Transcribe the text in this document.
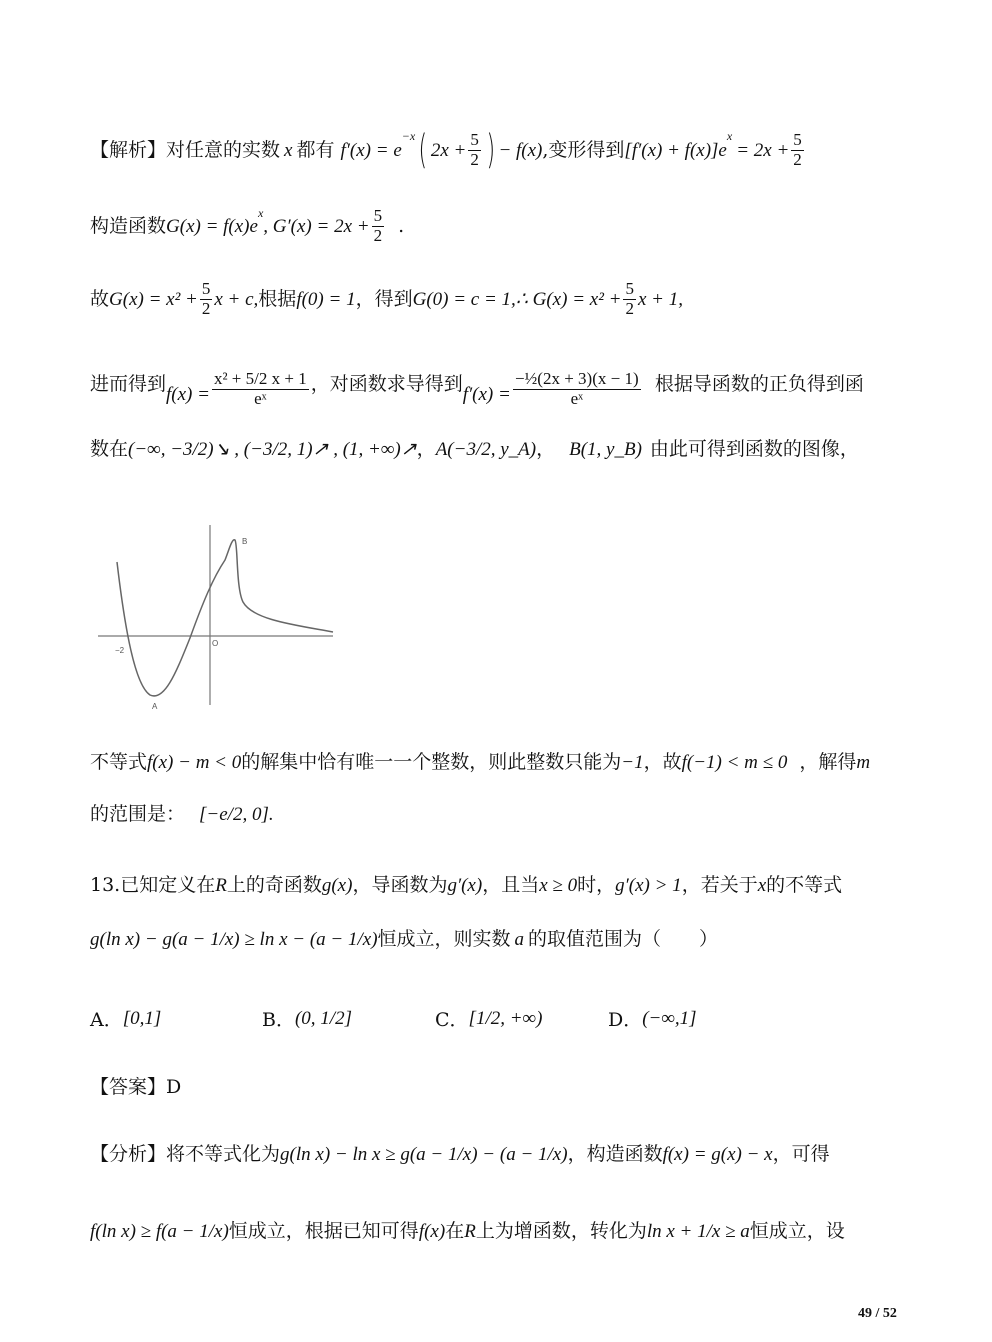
【解析】 对任意的实数 x 都有 f′(x) = e
$^{-x}$ ( $2x + \frac{5}{2}$ ) − f(x) ,变形得到 [f′(x) + f(x)]e
$^x$
= $2x + \frac{5}{2}$
构造函数 G(x) = f(x)e
$^x$
, $G'(x) = 2x + \frac{5}{2}$ .
故 $G(x) = x^2 + \frac{5}{2}$ x + c, 根据 f(0) = 1 ，得到 G(0) = c = 1,∴ $G(x) = x^2 + \frac{5}{2}$ x + 1,
进而得到 $f(x) = \frac{\text{x² + 5/2 x + 1}}{\text{eˣ}}$ ，对函数求导得到 $f'(x) = \frac{\text{−½(2x + 3)(x − 1)}}{\text{eˣ}}$ 根据导函数的正负得到函
数在 (−∞, −3/2)↘ , (−3/2, 1)↗ , (1, +∞)↗ ， A(−3/2, y_A) ， B(1, y_B) 由此可得到函数的图像，
B
O
−2
A
不等式 f(x) − m < 0 的解集中恰有唯一一个整数，则此整数只能为 −1 ，故 f(−1) < m ≤ 0 ，解得 m
的范围是： [−e/2, 0].
13.已知定义在 R 上的奇函数 g(x) ，导函数为 g′(x) ，且当 x ≥ 0 时， g′(x) > 1 ，若关于 x 的不等式
g(ln x) − g(a − 1/x) ≥ ln x − (a − 1/x) 恒成立，则实数 a 的取值范围为（　　）
A． [0,1]	B． (0, 1/2]	C． [1/2, +∞)	D． (−∞,1]
【答案】 D
【分析】 将不等式化为 g(ln x) − ln x ≥ g(a − 1/x) − (a − 1/x) ，构造函数 f(x) = g(x) − x ，可得
f(ln x) ≥ f(a − 1/x) 恒成立，根据已知可得 f(x) 在 R 上为增函数，转化为 ln x + 1/x ≥ a 恒成立，设
49 / 52
